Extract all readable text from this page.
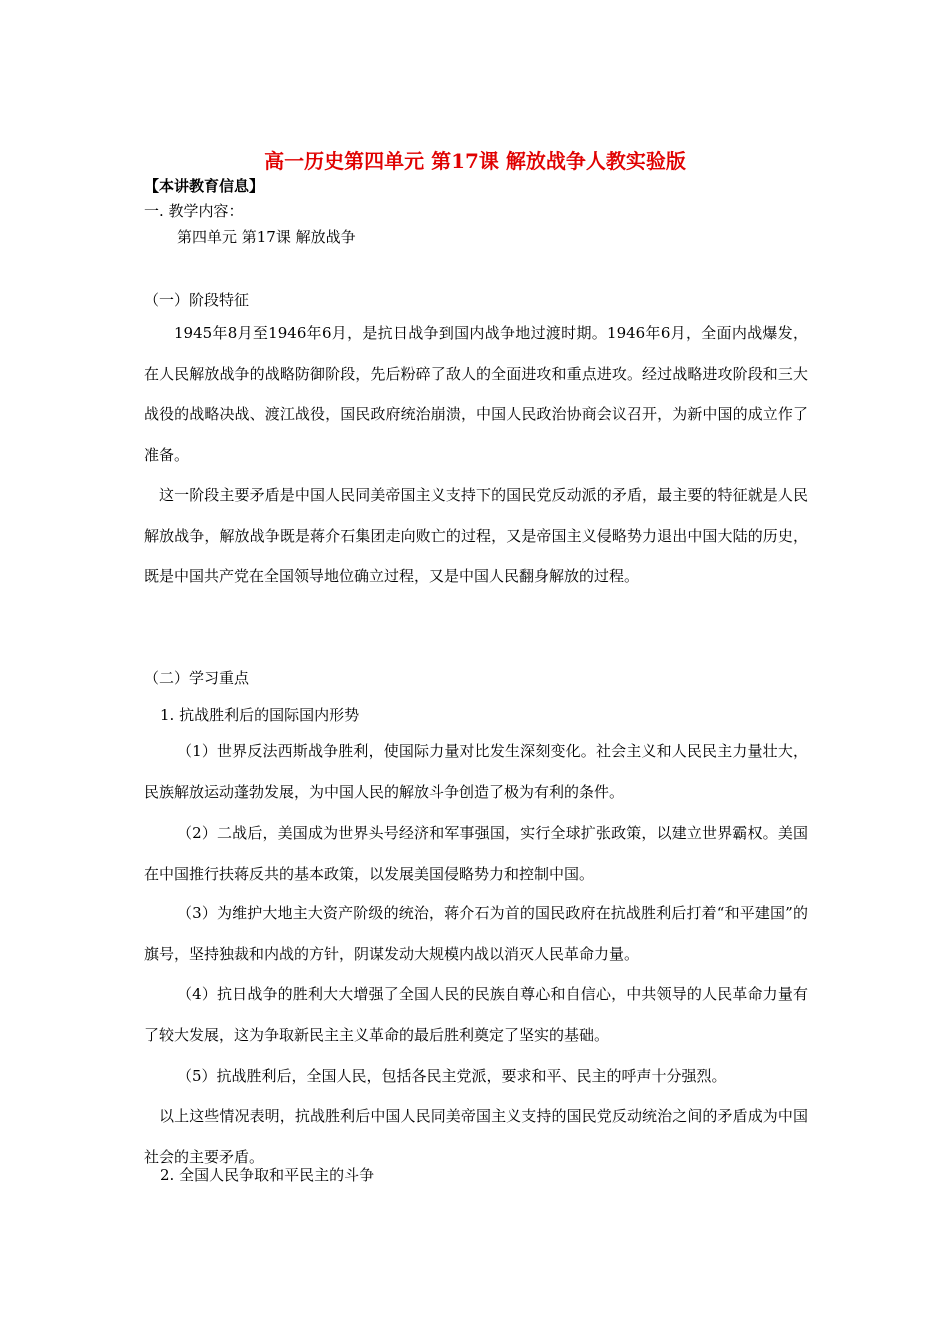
高一历史第四单元 第17课 解放战争人教实验版
【本讲教育信息】
一. 教学内容：
第四单元 第17课 解放战争
（一）阶段特征
1945年8月至1946年6月，是抗日战争到国内战争地过渡时期。1946年6月，全面内战爆发，在人民解放战争的战略防御阶段，先后粉碎了敌人的全面进攻和重点进攻。经过战略进攻阶段和三大战役的战略决战、渡江战役，国民政府统治崩溃，中国人民政治协商会议召开，为新中国的成立作了准备。
这一阶段主要矛盾是中国人民同美帝国主义支持下的国民党反动派的矛盾，最主要的特征就是人民解放战争，解放战争既是蒋介石集团走向败亡的过程，又是帝国主义侵略势力退出中国大陆的历史，既是中国共产党在全国领导地位确立过程，又是中国人民翻身解放的过程。
（二）学习重点
1. 抗战胜利后的国际国内形势
（1）世界反法西斯战争胜利，使国际力量对比发生深刻变化。社会主义和人民民主力量壮大，民族解放运动蓬勃发展，为中国人民的解放斗争创造了极为有利的条件。
（2）二战后，美国成为世界头号经济和军事强国，实行全球扩张政策，以建立世界霸权。美国在中国推行扶蒋反共的基本政策，以发展美国侵略势力和控制中国。
（3）为维护大地主大资产阶级的统治，蒋介石为首的国民政府在抗战胜利后打着“和平建国”的旗号，坚持独裁和内战的方针，阴谋发动大规模内战以消灭人民革命力量。
（4）抗日战争的胜利大大增强了全国人民的民族自尊心和自信心，中共领导的人民革命力量有了较大发展，这为争取新民主主义革命的最后胜利奠定了坚实的基础。
（5）抗战胜利后，全国人民，包括各民主党派，要求和平、民主的呼声十分强烈。
以上这些情况表明，抗战胜利后中国人民同美帝国主义支持的国民党反动统治之间的矛盾成为中国社会的主要矛盾。
2. 全国人民争取和平民主的斗争
